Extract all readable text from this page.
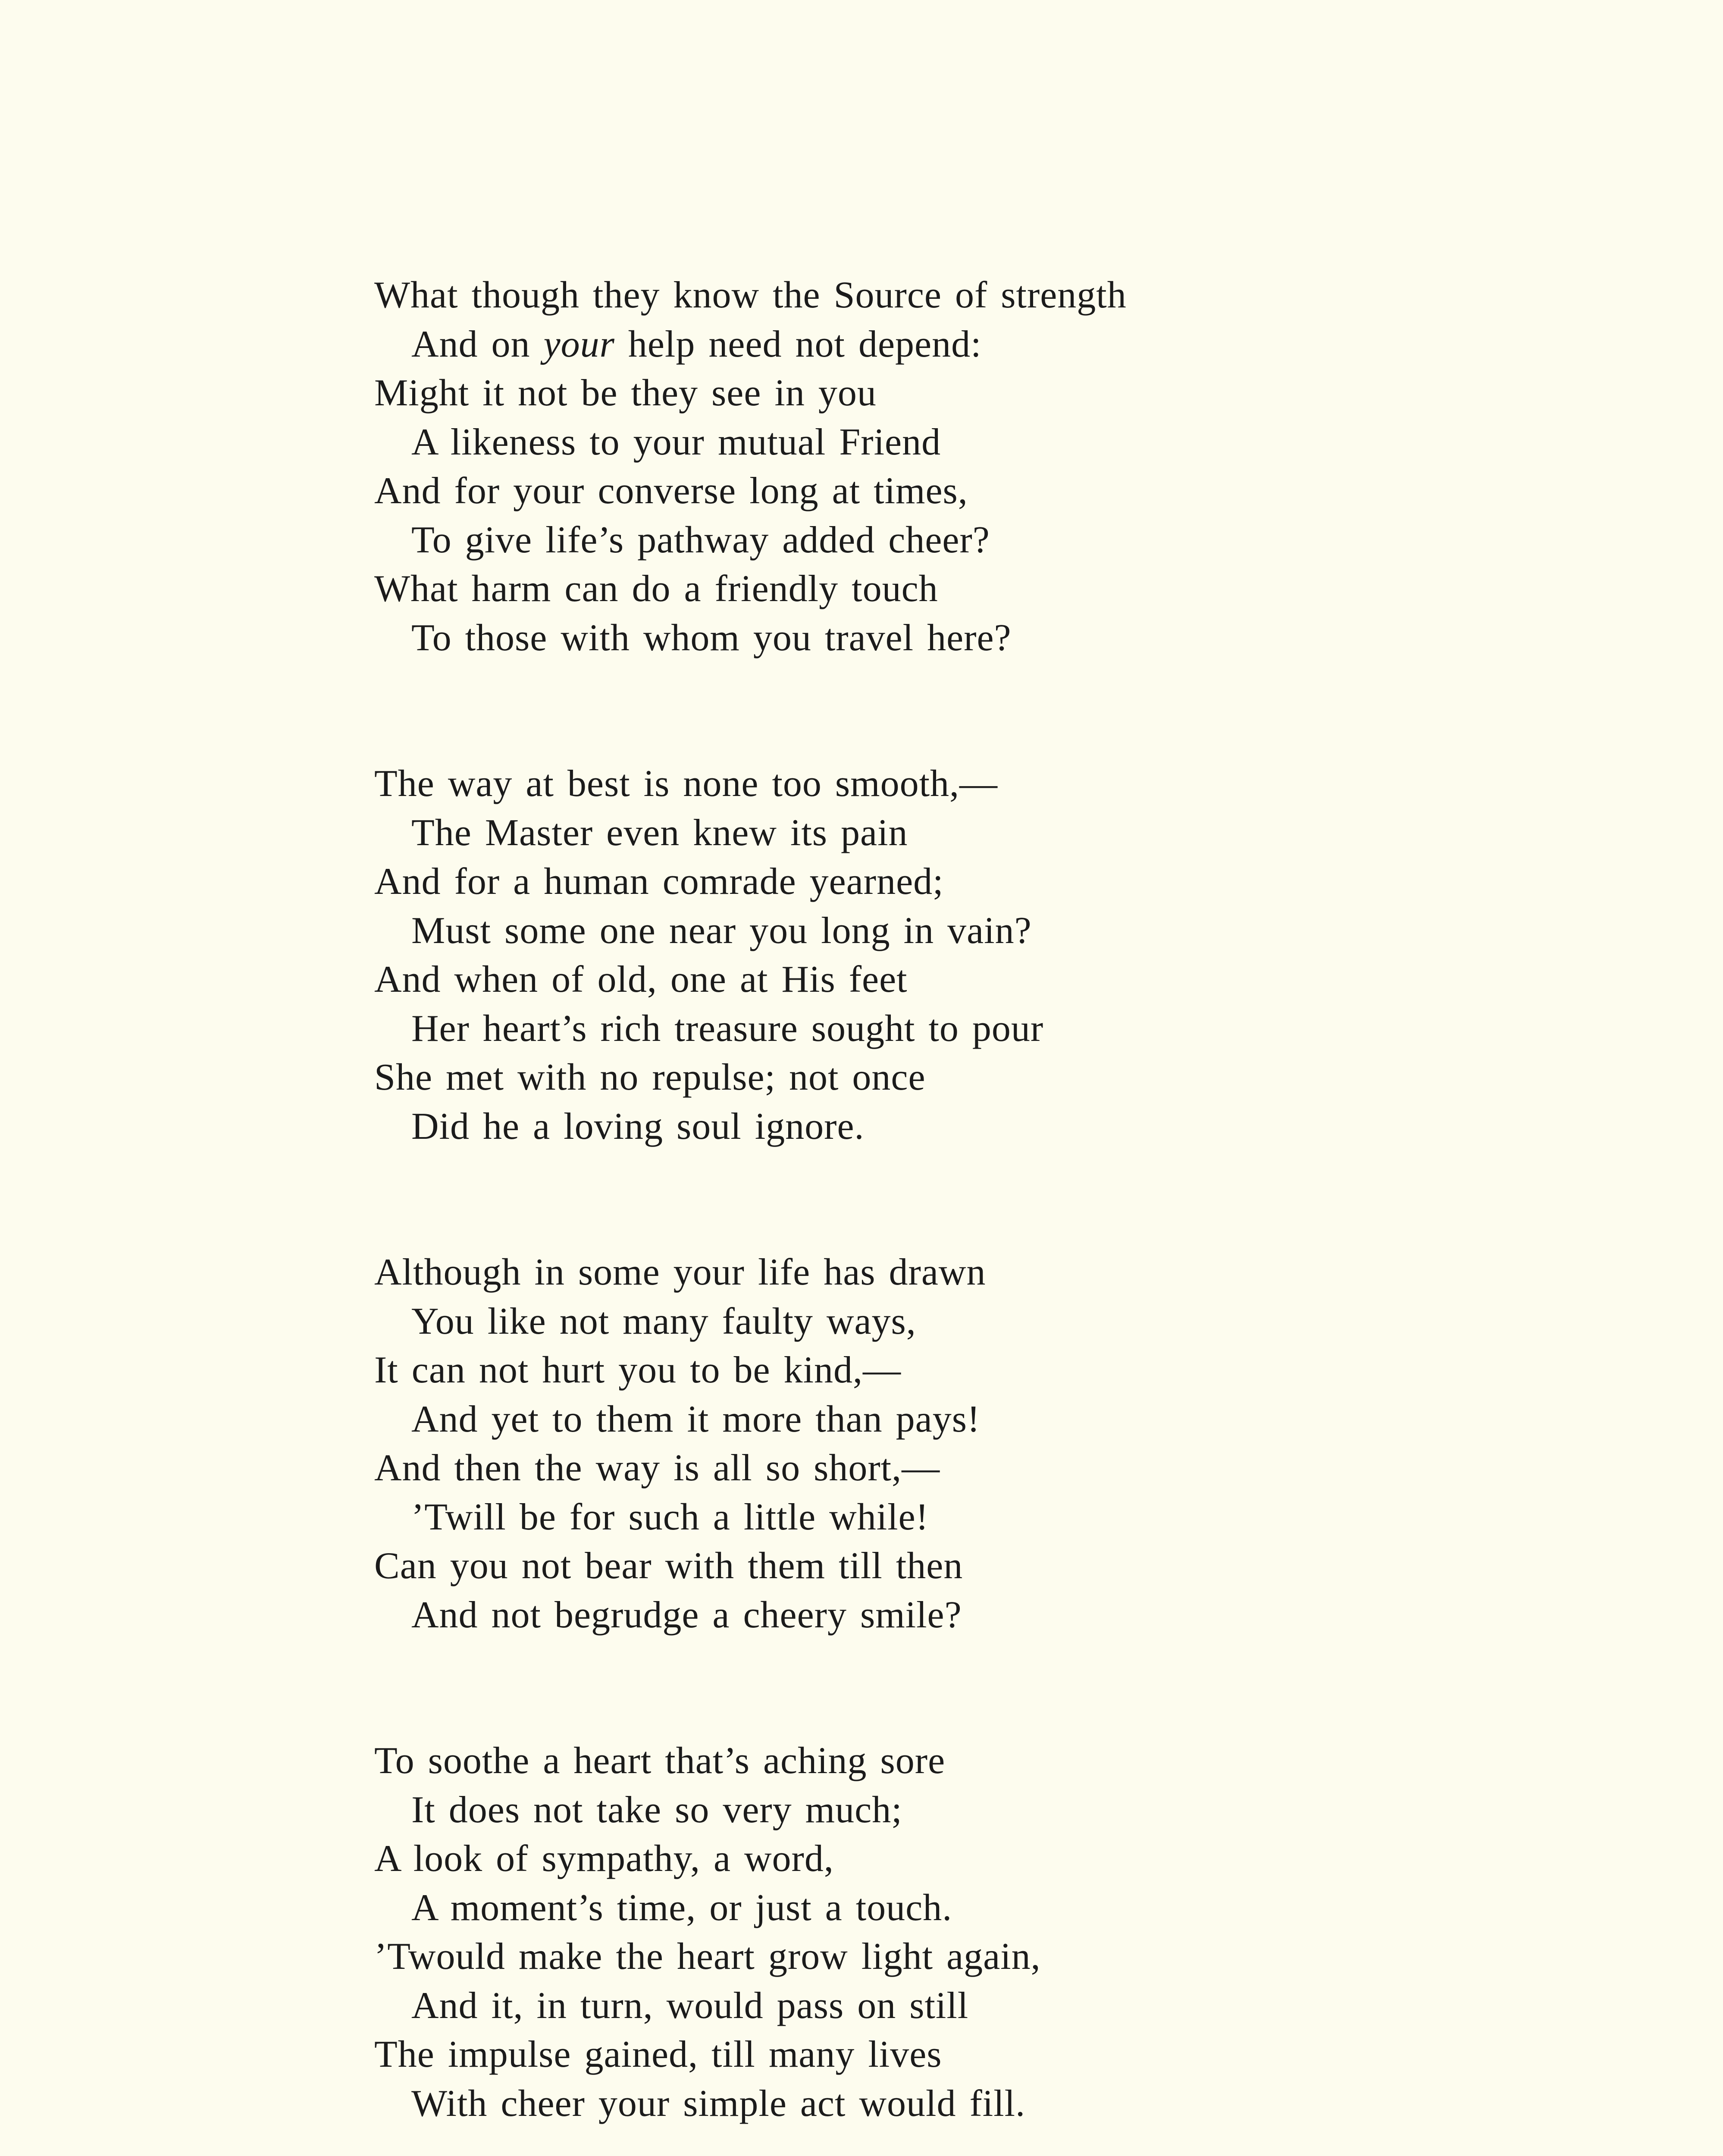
What though they know the Source of strength
And on your help need not depend:
Might it not be they see in you
A likeness to your mutual Friend
And for your converse long at times,
To give life’s pathway added cheer?
What harm can do a friendly touch
To those with whom you travel here?
The way at best is none too smooth,—
The Master even knew its pain
And for a human comrade yearned;
Must some one near you long in vain?
And when of old, one at His feet
Her heart’s rich treasure sought to pour
She met with no repulse; not once
Did he a loving soul ignore.
Although in some your life has drawn
You like not many faulty ways,
It can not hurt you to be kind,—
And yet to them it more than pays!
And then the way is all so short,—
’Twill be for such a little while!
Can you not bear with them till then
And not begrudge a cheery smile?
To soothe a heart that’s aching sore
It does not take so very much;
A look of sympathy, a word,
A moment’s time, or just a touch.
’Twould make the heart grow light again,
And it, in turn, would pass on still
The impulse gained, till many lives
With cheer your simple act would fill.
